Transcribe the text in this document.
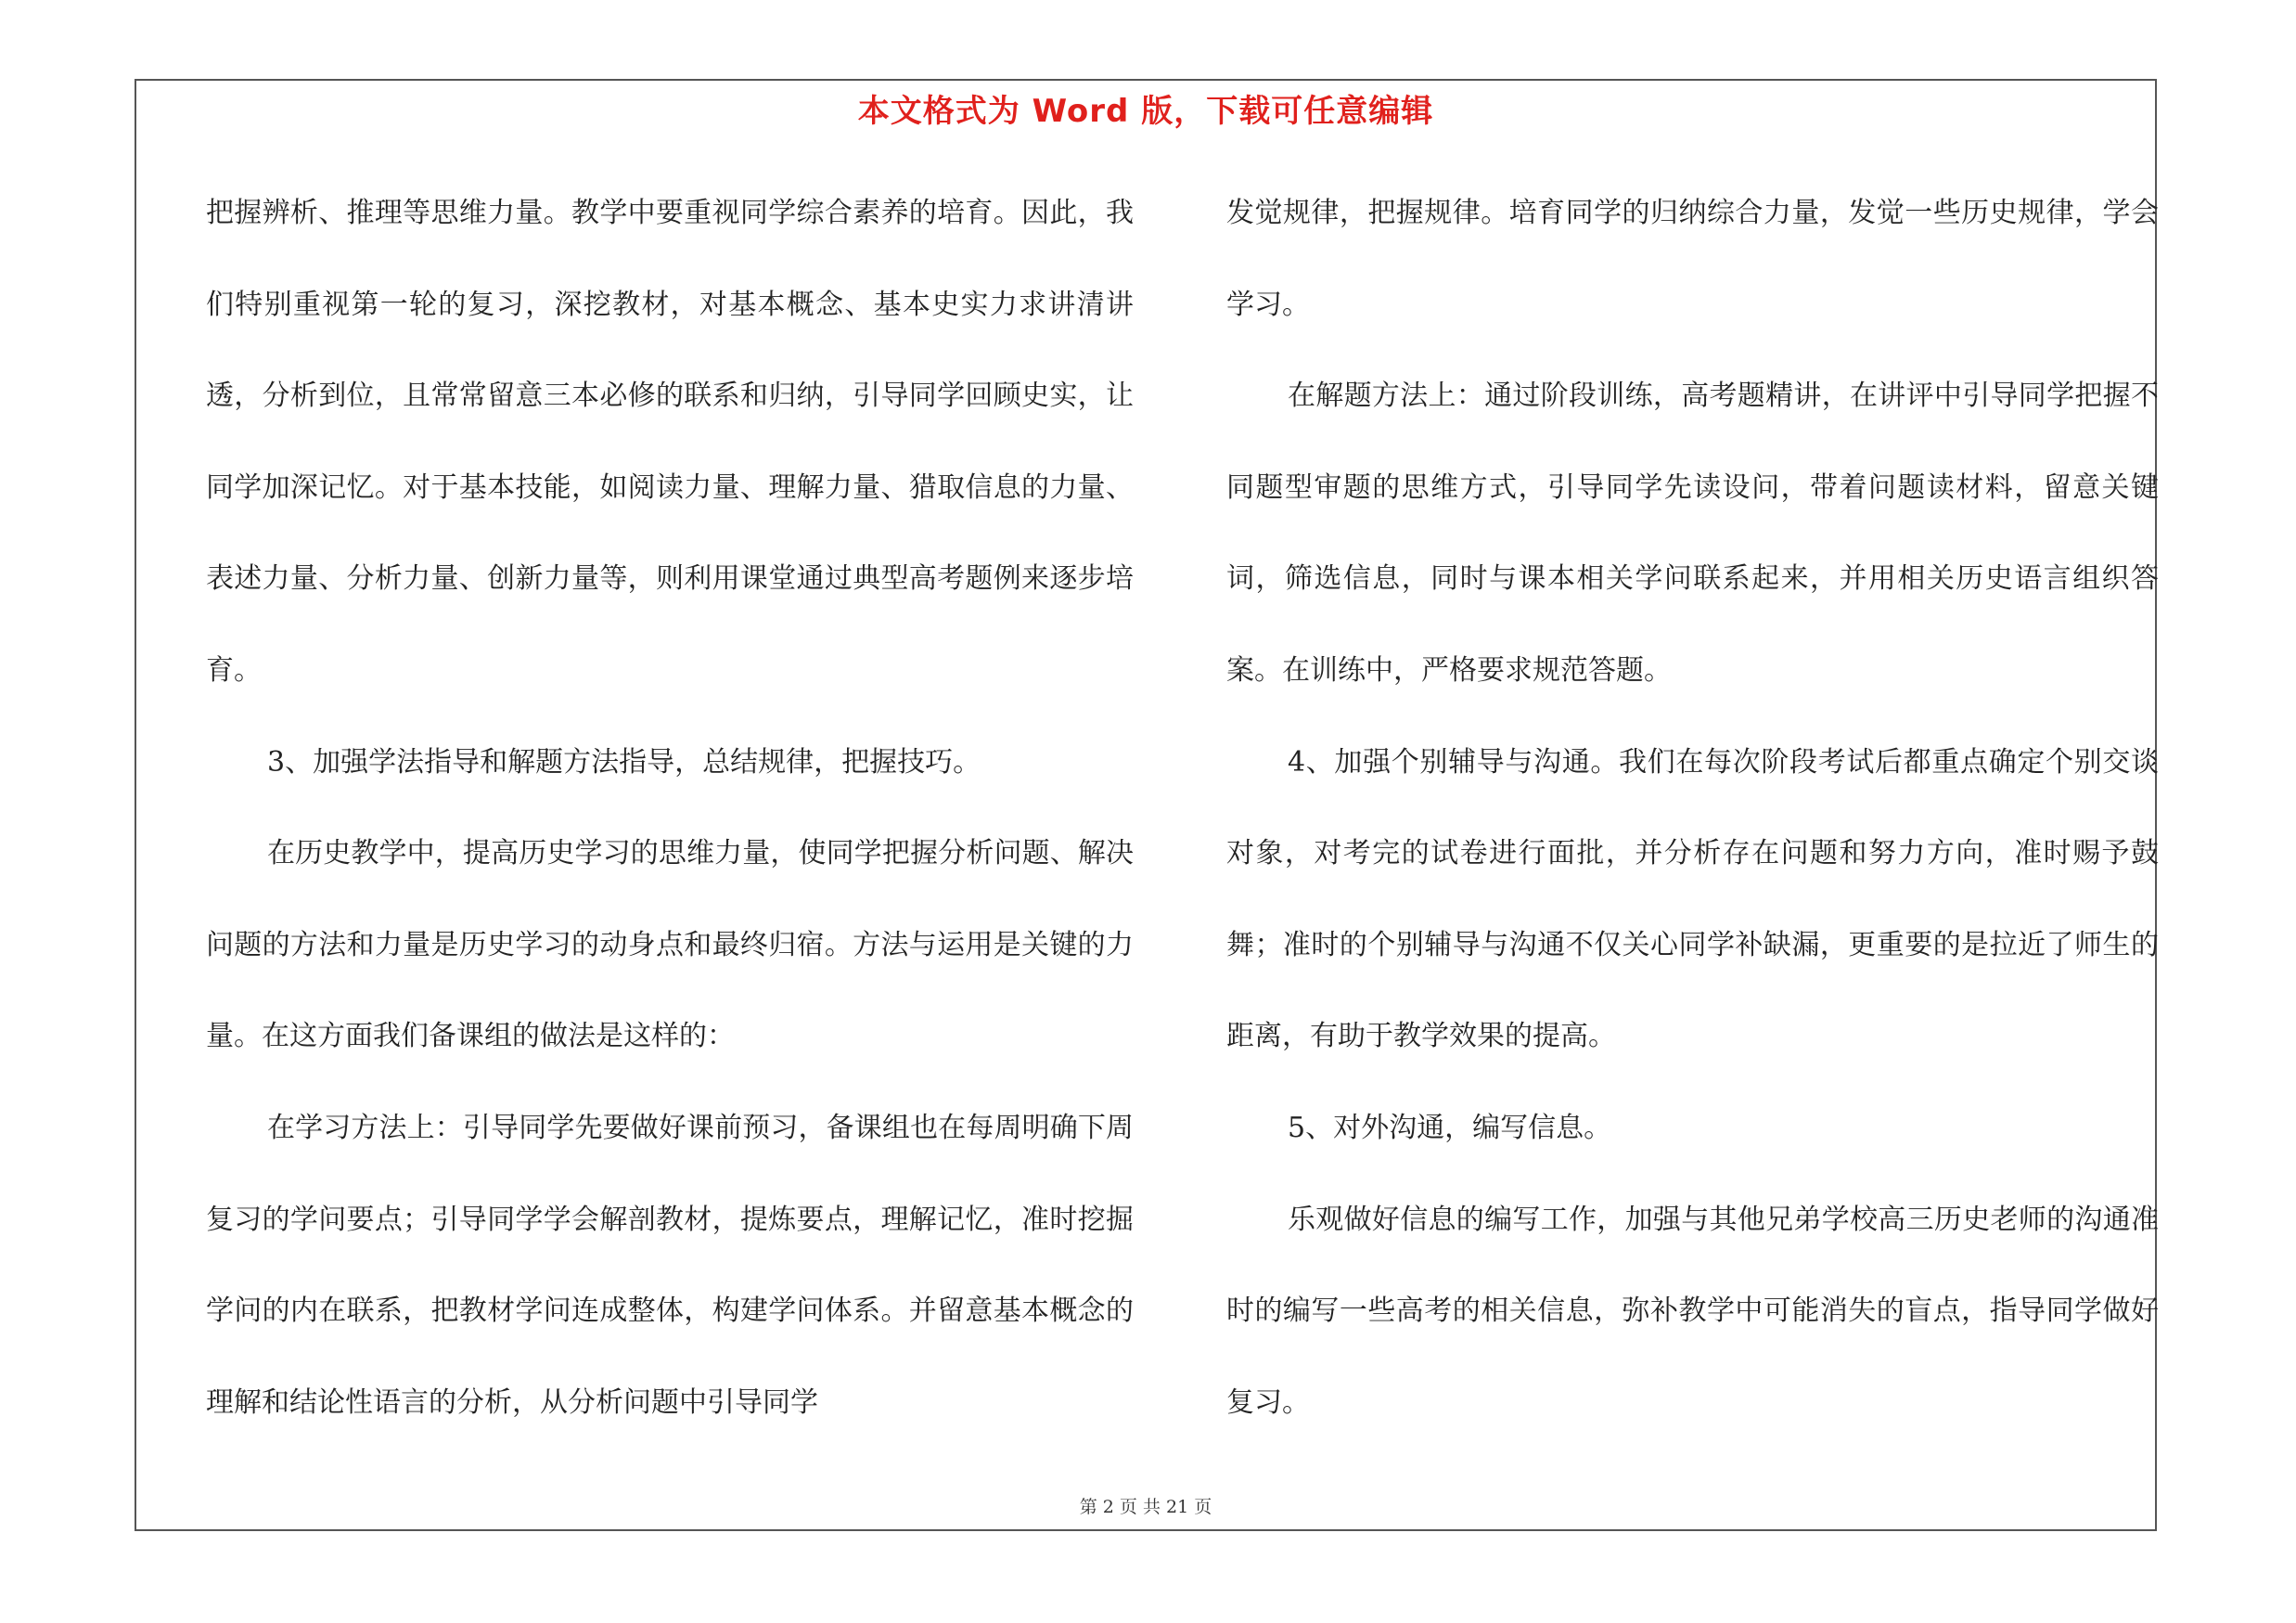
本文格式为 Word 版，下载可任意编辑

把握辨析、推理等思维力量。教学中要重视同学综合素养的培育。因此，我们特别重视第一轮的复习，深挖教材，对基本概念、基本史实力求讲清讲透，分析到位，且常常留意三本必修的联系和归纳，引导同学回顾史实，让同学加深记忆。对于基本技能，如阅读力量、理解力量、猎取信息的力量、表述力量、分析力量、创新力量等，则利用课堂通过典型高考题例来逐步培育。

3、加强学法指导和解题方法指导，总结规律，把握技巧。

在历史教学中，提高历史学习的思维力量，使同学把握分析问题、解决问题的方法和力量是历史学习的动身点和最终归宿。方法与运用是关键的力量。在这方面我们备课组的做法是这样的：

在学习方法上：引导同学先要做好课前预习，备课组也在每周明确下周复习的学问要点；引导同学学会解剖教材，提炼要点，理解记忆，准时挖掘学问的内在联系，把教材学问连成整体，构建学问体系。并留意基本概念的理解和结论性语言的分析，从分析问题中引导同学

发觉规律，把握规律。培育同学的归纳综合力量，发觉一些历史规律，学会学习。

在解题方法上：通过阶段训练，高考题精讲，在讲评中引导同学把握不同题型审题的思维方式，引导同学先读设问，带着问题读材料，留意关键词，筛选信息，同时与课本相关学问联系起来，并用相关历史语言组织答案。在训练中，严格要求规范答题。

4、加强个别辅导与沟通。我们在每次阶段考试后都重点确定个别交谈对象，对考完的试卷进行面批，并分析存在问题和努力方向，准时赐予鼓舞；准时的个别辅导与沟通不仅关心同学补缺漏，更重要的是拉近了师生的距离，有助于教学效果的提高。

5、对外沟通，编写信息。

乐观做好信息的编写工作，加强与其他兄弟学校高三历史老师的沟通准时的编写一些高考的相关信息，弥补教学中可能消失的盲点，指导同学做好复习。

第 2 页 共 21 页
